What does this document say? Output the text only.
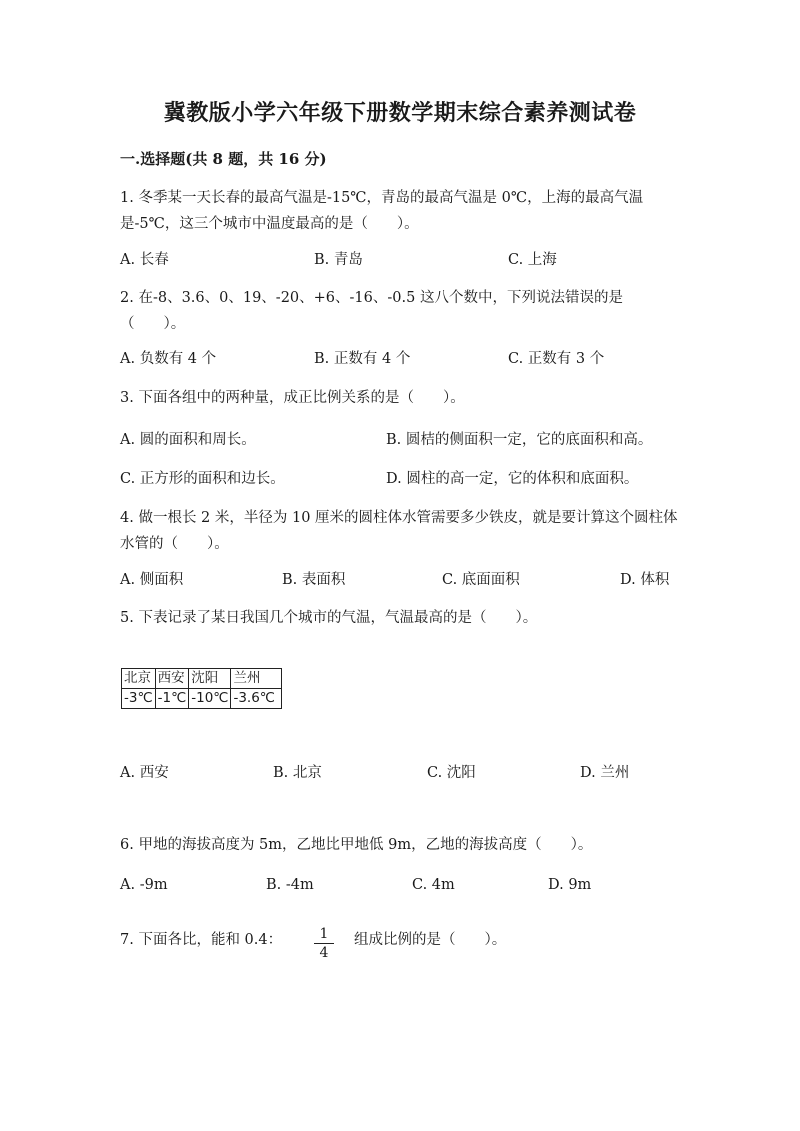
冀教版小学六年级下册数学期末综合素养测试卷
一.选择题(共 8 题，共 16 分)
1. 冬季某一天长春的最高气温是-15℃，青岛的最高气温是 0℃，上海的最高气温是-5℃，这三个城市中温度最高的是（　　）。
A. 长春	B. 青岛	C. 上海
2. 在-8、3.6、0、19、-20、+6、-16、-0.5 这八个数中，下列说法错误的是（　　）。
A. 负数有 4 个	B. 正数有 4 个	C. 正数有 3 个
3. 下面各组中的两种量，成正比例关系的是（　　）。
A. 圆的面积和周长。	B. 圆桔的侧面积一定，它的底面积和高。
C. 正方形的面积和边长。	D. 圆柱的高一定，它的体积和底面积。
4. 做一根长 2 米，半径为 10 厘米的圆柱体水管需要多少铁皮，就是要计算这个圆柱体水管的（　　）。
A. 侧面积	B. 表面积	C. 底面面积	D. 体积
5. 下表记录了某日我国几个城市的气温，气温最高的是（　　）。
北京	西安	沈阳	兰州
-3℃	-1℃	-10℃	-3.6℃
A. 西安	B. 北京	C. 沈阳	D. 兰州
6. 甲地的海拔高度为 5m，乙地比甲地低 9m，乙地的海拔高度（　　）。
A. -9m	B. -4m	C. 4m	D. 9m
7. 下面各比，能和 0.4：	1
4
组成比例的是（　　）。
